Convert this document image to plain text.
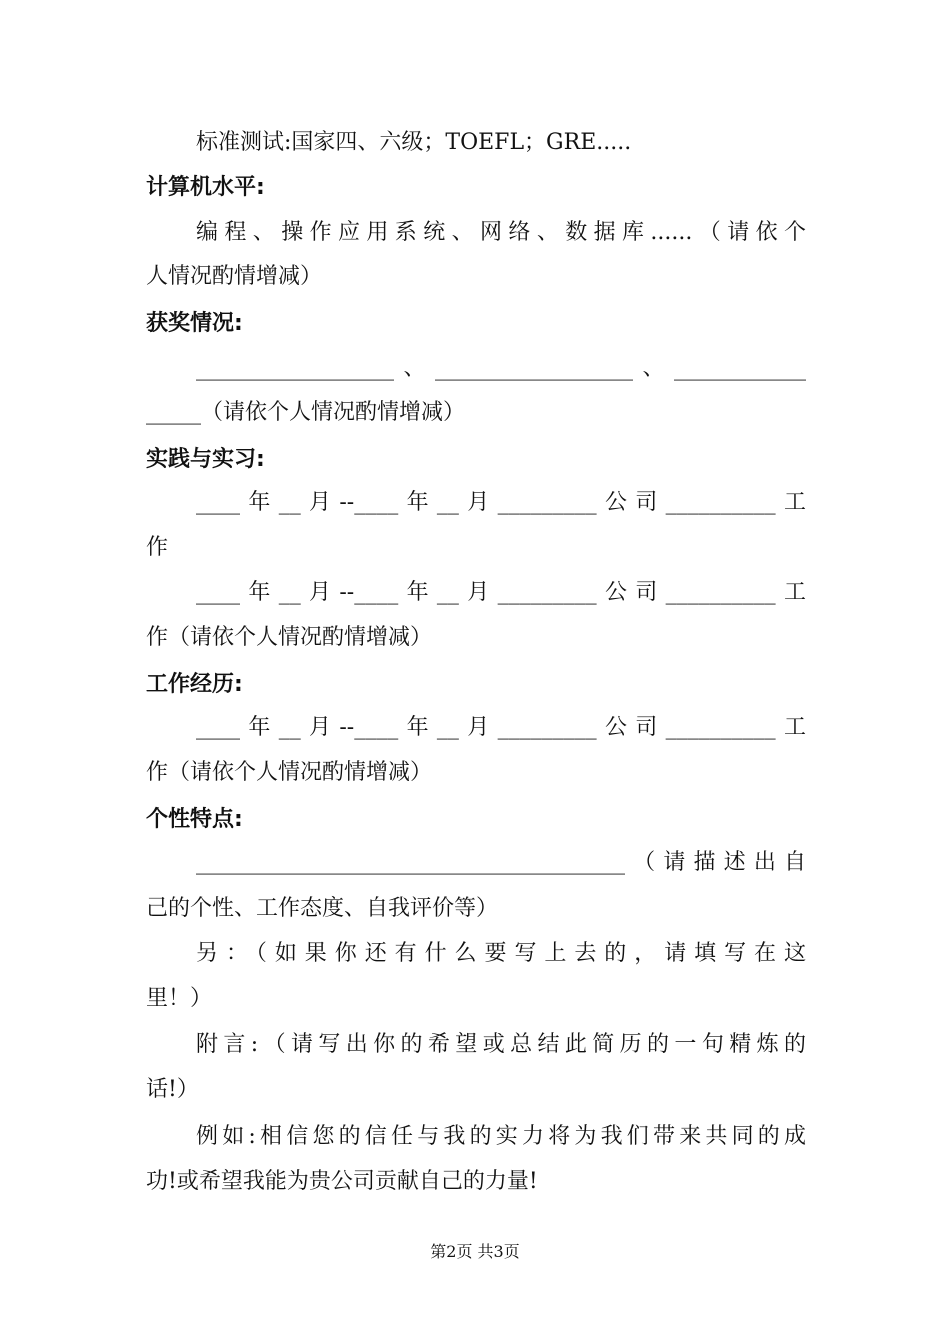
标准测试:国家四、六级；TOEFL；GRE.....
计算机水平:
编程、操作应用系统、网络、数据库......（请依个
人情况酌情增减）
获奖情况:
__________________、__________________、____________
_____（请依个人情况酌情增减）
实践与实习:
____年__月--____年__月_________公司__________工
作
____年__月--____年__月_________公司__________工
作（请依个人情况酌情增减）
工作经历:
____年__月--____年__月_________公司__________工
作（请依个人情况酌情增减）
个性特点:
_______________________________________（请描述出自
己的个性、工作态度、自我评价等）
另：（如果你还有什么要写上去的，请填写在这
里！）
附言:（请写出你的希望或总结此简历的一句精炼的
话!）
例如:相信您的信任与我的实力将为我们带来共同的成
功!或希望我能为贵公司贡献自己的力量!
第2页 共3页
